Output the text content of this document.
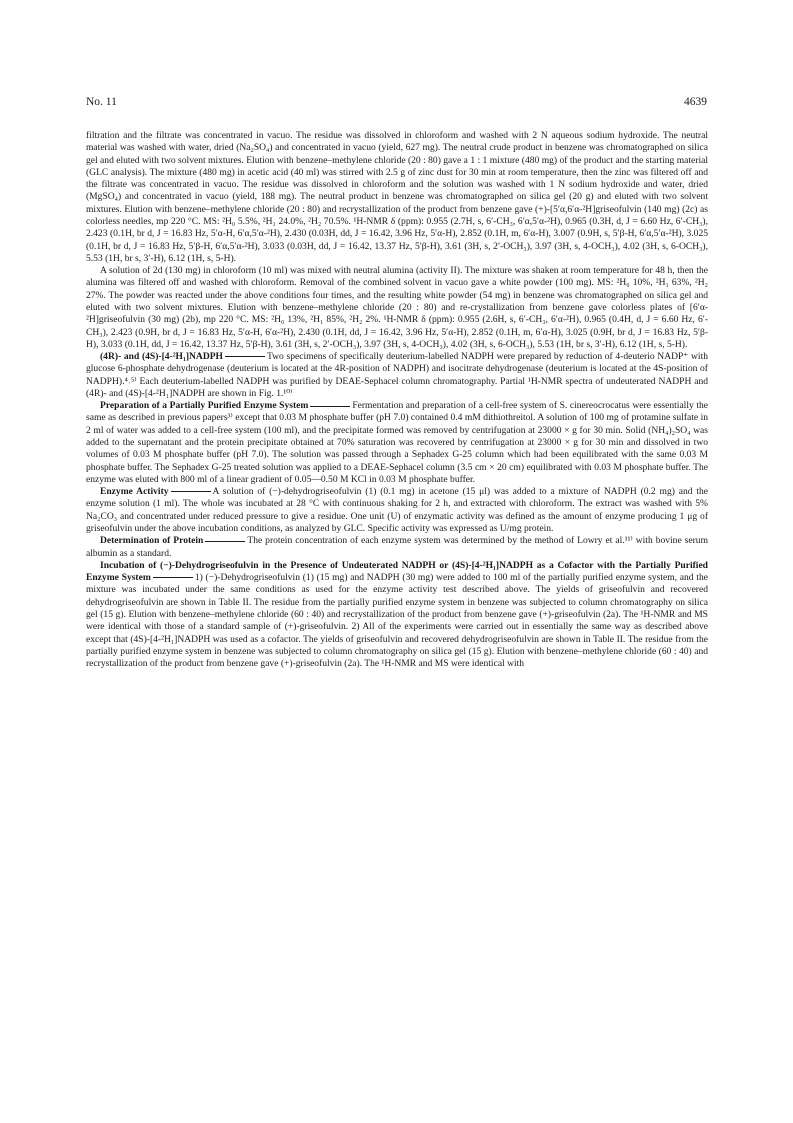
No. 11	4639

filtration and the filtrate was concentrated in vacuo. The residue was dissolved in chloroform and washed with 2 N aqueous sodium hydroxide. The neutral material was washed with water, dried (Na₂SO₄) and concentrated in vacuo (yield, 627 mg). The neutral crude product in benzene was chromatographed on silica gel and eluted with two solvent mixtures. Elution with benzene–methylene chloride (20 : 80) gave a 1 : 1 mixture (480 mg) of the product and the starting material (GLC analysis). The mixture (480 mg) in acetic acid (40 ml) was stirred with 2.5 g of zinc dust for 30 min at room temperature, then the zinc was filtered off and the filtrate was concentrated in vacuo. The residue was dissolved in chloroform and the solution was washed with 1 N sodium hydroxide and water, dried (MgSO₄) and concentrated in vacuo (yield, 188 mg). The neutral product in benzene was chromatographed on silica gel (20 g) and eluted with two solvent mixtures. Elution with benzene–methylene chloride (20 : 80) and recrystallization of the product from benzene gave (+)-[5′α,6′α-²H]griseofulvin (140 mg) (2c) as colorless needles, mp 220 °C. MS: ²H₀ 5.5%, ²H₁ 24.0%, ²H₂ 70.5%. ¹H-NMR δ (ppm): 0.955 (2.7H, s, 6′-CH₃, 6′α,5′α-²H), 0.965 (0.3H, d, J = 6.60 Hz, 6′-CH₃), 2.423 (0.1H, br d, J = 16.83 Hz, 5′α-H, 6′α,5′α-²H), 2.430 (0.03H, dd, J = 16.42, 3.96 Hz, 5′α-H), 2.852 (0.1H, m, 6′α-H), 3.007 (0.9H, s, 5′β-H, 6′α,5′α-²H), 3.025 (0.1H, br d, J = 16.83 Hz, 5′β-H, 6′α,5′α-²H), 3.033 (0.03H, dd, J = 16.42, 13.37 Hz, 5′β-H), 3.61 (3H, s, 2′-OCH₃), 3.97 (3H, s, 4-OCH₃), 4.02 (3H, s, 6-OCH₃), 5.53 (1H, br s, 3′-H), 6.12 (1H, s, 5-H).

A solution of 2d (130 mg) in chloroform (10 ml) was mixed with neutral alumina (activity II). The mixture was shaken at room temperature for 48 h, then the alumina was filtered off and washed with chloroform. Removal of the combined solvent in vacuo gave a white powder (100 mg). MS: ²H₀ 10%, ²H₁ 63%, ²H₂ 27%. The powder was reacted under the above conditions four times, and the resulting white powder (54 mg) in benzene was chromatographed on silica gel and eluted with two solvent mixtures. Elution with benzene–methylene chloride (20 : 80) and re-crystallization from benzene gave colorless plates of [6′α-²H]griseofulvin (30 mg) (2b), mp 220 °C. MS: ²H₀ 13%, ²H₁ 85%, ²H₂ 2%. ¹H-NMR δ (ppm): 0.955 (2.6H, s, 6′-CH₃, 6′α-²H), 0.965 (0.4H, d, J = 6.60 Hz, 6′-CH₃), 2.423 (0.9H, br d, J = 16.83 Hz, 5′α-H, 6′α-²H), 2.430 (0.1H, dd, J = 16.42, 3.96 Hz, 5′α-H), 2.852 (0.1H, m, 6′α-H), 3.025 (0.9H, br d, J = 16.83 Hz, 5′β-H), 3.033 (0.1H, dd, J = 16.42, 13.37 Hz, 5′β-H), 3.61 (3H, s, 2′-OCH₃), 3.97 (3H, s, 4-OCH₃), 4.02 (3H, s, 6-OCH₃), 5.53 (1H, br s, 3′-H), 6.12 (1H, s, 5-H).

(4R)- and (4S)-[4-²H₁]NADPH	Two specimens of specifically deuterium-labelled NADPH were prepared by reduction of 4-deuterio NADP⁺ with glucose 6-phosphate dehydrogenase (deuterium is located at the 4R-position of NADPH) and isocitrate dehydrogenase (deuterium is located at the 4S-position of NADPH).⁴˒⁵⁾ Each deuterium-labelled NADPH was purified by DEAE-Sephacel column chromatography. Partial ¹H-NMR spectra of undeuterated NADPH and (4R)- and (4S)-[4-²H₁]NADPH are shown in Fig. 1.¹⁰⁾

Preparation of a Partially Purified Enzyme System	Fermentation and preparation of a cell-free system of S. cinereocrocatus were essentially the same as described in previous papers³⁾ except that 0.03 M phosphate buffer (pH 7.0) contained 0.4 mM dithiothreitol. A solution of 100 mg of protamine sulfate in 2 ml of water was added to a cell-free system (100 ml), and the precipitate formed was removed by centrifugation at 23000 × g for 30 min. Solid (NH₄)₂SO₄ was added to the supernatant and the protein precipitate obtained at 70% saturation was recovered by centrifugation at 23000 × g for 30 min and dissolved in two volumes of 0.03 M phosphate buffer (pH 7.0). The solution was passed through a Sephadex G-25 column which had been equilibrated with the same 0.03 M phosphate buffer. The Sephadex G-25 treated solution was applied to a DEAE-Sephacel column (3.5 cm × 20 cm) equilibrated with 0.03 M phosphate buffer. The enzyme was eluted with 800 ml of a linear gradient of 0.05—0.50 M KCl in 0.03 M phosphate buffer.

Enzyme Activity	A solution of (−)-dehydrogriseofulvin (1) (0.1 mg) in acetone (15 μl) was added to a mixture of NADPH (0.2 mg) and the enzyme solution (1 ml). The whole was incubated at 28 °C with continuous shaking for 2 h, and extracted with chloroform. The extract was washed with 5% Na₂CO₃ and concentrated under reduced pressure to give a residue. One unit (U) of enzymatic activity was defined as the amount of enzyme producing 1 μg of griseofulvin under the above incubation conditions, as analyzed by GLC. Specific activity was expressed as U/mg protein.

Determination of Protein	The protein concentration of each enzyme system was determined by the method of Lowry et al.¹¹⁾ with bovine serum albumin as a standard.

Incubation of (−)-Dehydrogriseofulvin in the Presence of Undeuterated NADPH or (4S)-[4-²H₁]NADPH as a Cofactor with the Partially Purified Enzyme System	1) (−)-Dehydrogriseofulvin (1) (15 mg) and NADPH (30 mg) were added to 100 ml of the partially purified enzyme system, and the mixture was incubated under the same conditions as used for the enzyme activity test described above. The yields of griseofulvin and recovered dehydrogriseofulvin are shown in Table II. The residue from the partially purified enzyme system in benzene was subjected to column chromatography on silica gel (15 g). Elution with benzene–methylene chloride (60 : 40) and recrystallization of the product from benzene gave (+)-griseofulvin (2a). The ¹H-NMR and MS were identical with those of a standard sample of (+)-griseofulvin. 2) All of the experiments were carried out in essentially the same way as described above except that (4S)-[4-²H₁]NADPH was used as a cofactor. The yields of griseofulvin and recovered dehydrogriseofulvin are shown in Table II. The residue from the partially purified enzyme system in benzene was subjected to column chromatography on silica gel (15 g). Elution with benzene–methylene chloride (60 : 40) and recrystallization of the product from benzene gave (+)-griseofulvin (2a). The ¹H-NMR and MS were identical with
